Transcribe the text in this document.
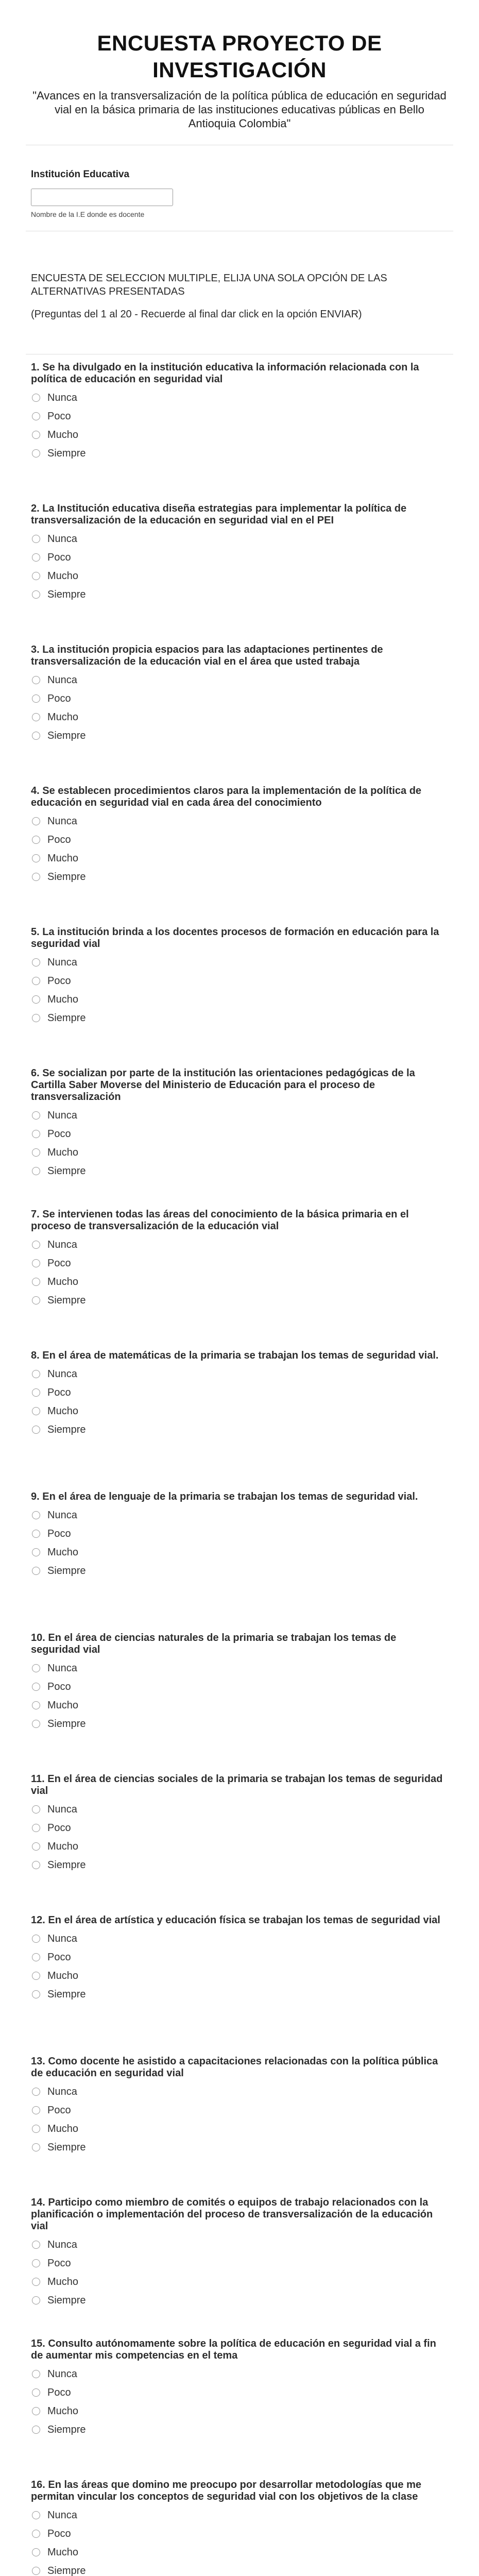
ENCUESTA PROYECTO DE INVESTIGACIÓN

"Avances en la transversalización de la política pública de educación en seguridad vial en la básica primaria de las instituciones educativas públicas en Bello Antioquia Colombia"

Institución Educativa
Nombre de la I.E donde es docente

ENCUESTA DE SELECCION MULTIPLE, ELIJA UNA SOLA OPCIÓN DE LAS ALTERNATIVAS PRESENTADAS

(Preguntas del 1 al 20 - Recuerde al final dar click en la opción ENVIAR)

1. Se ha divulgado en la institución educativa la información relacionada con la política de educación en seguridad vial

Nunca
Poco
Mucho
Siempre

2. La Institución educativa diseña estrategias para implementar la política de transversalización de la educación en seguridad vial en el PEI

Nunca
Poco
Mucho
Siempre

3. La institución propicia espacios para las adaptaciones pertinentes de transversalización de la educación vial en el área que usted trabaja

Nunca
Poco
Mucho
Siempre

4. Se establecen procedimientos claros para la implementación de la política de educación en seguridad vial en cada área del conocimiento

Nunca
Poco
Mucho
Siempre

5. La institución brinda a los docentes procesos de formación en educación para la seguridad vial

Nunca
Poco
Mucho
Siempre

6. Se socializan por parte de la institución las orientaciones pedagógicas de la Cartilla Saber Moverse del Ministerio de Educación para el proceso de transversalización

Nunca
Poco
Mucho
Siempre

7. Se intervienen todas las áreas del conocimiento de la básica primaria en el proceso de transversalización de la educación vial

Nunca
Poco
Mucho
Siempre

8. En el área de matemáticas de la primaria se trabajan los temas de seguridad vial.

Nunca
Poco
Mucho
Siempre

9. En el área de lenguaje de la primaria se trabajan los temas de seguridad vial.

Nunca
Poco
Mucho
Siempre

10. En el área de ciencias naturales de la primaria se trabajan los temas de seguridad vial

Nunca
Poco
Mucho
Siempre

11. En el área de ciencias sociales de la primaria se trabajan los temas de seguridad vial

Nunca
Poco
Mucho
Siempre

12. En el área de artística y educación física se trabajan los temas de seguridad vial

Nunca
Poco
Mucho
Siempre

13. Como docente he asistido a capacitaciones relacionadas con la política pública de educación en seguridad vial

Nunca
Poco
Mucho
Siempre

14. Participo como miembro de comités o equipos de trabajo relacionados con la planificación o implementación del proceso de transversalización de la educación vial

Nunca
Poco
Mucho
Siempre

15. Consulto autónomamente sobre la política de educación en seguridad vial a fin de aumentar mis competencias en el tema

Nunca
Poco
Mucho
Siempre

16. En las áreas que domino me preocupo por desarrollar metodologías que me permitan vincular los conceptos de seguridad vial con los objetivos de la clase

Nunca
Poco
Mucho
Siempre
